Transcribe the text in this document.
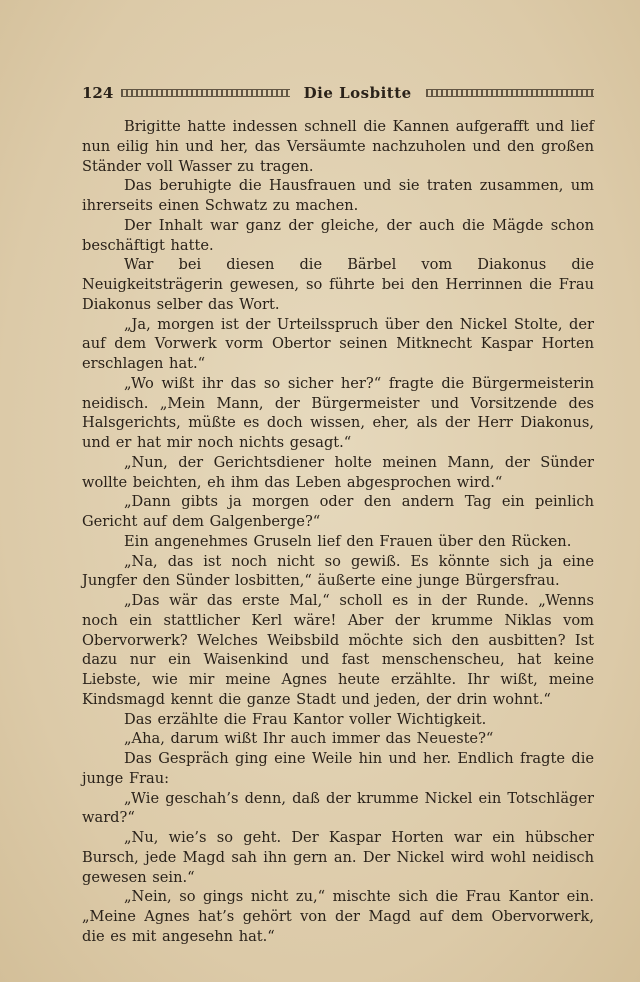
124	Die Losbitte

Brigitte hatte indessen schnell die Kannen aufgerafft und lief nun eilig hin und her, das Versäumte nachzuholen und den großen Ständer voll Wasser zu tragen.

Das beruhigte die Hausfrauen und sie traten zusammen, um ihrerseits einen Schwatz zu machen.

Der Inhalt war ganz der gleiche, der auch die Mägde schon beschäftigt hatte.

War bei diesen die Bärbel vom Diakonus die Neuigkeitsträgerin gewesen, so führte bei den Herrinnen die Frau Diakonus selber das Wort.

„Ja, morgen ist der Urteilsspruch über den Nickel Stolte, der auf dem Vorwerk vorm Obertor seinen Mitknecht Kaspar Horten erschlagen hat.“

„Wo wißt ihr das so sicher her?“ fragte die Bürgermeisterin neidisch. „Mein Mann, der Bürgermeister und Vorsitzende des Halsgerichts, müßte es doch wissen, eher, als der Herr Diakonus, und er hat mir noch nichts gesagt.“

„Nun, der Gerichtsdiener holte meinen Mann, der Sünder wollte beichten, eh ihm das Leben abgesprochen wird.“

„Dann gibts ja morgen oder den andern Tag ein peinlich Gericht auf dem Galgenberge?“

Ein angenehmes Gruseln lief den Frauen über den Rücken.

„Na, das ist noch nicht so gewiß. Es könnte sich ja eine Jungfer den Sünder losbitten,“ äußerte eine junge Bürgersfrau.

„Das wär das erste Mal,“ scholl es in der Runde. „Wenns noch ein stattlicher Kerl wäre! Aber der krumme Niklas vom Obervorwerk? Welches Weibsbild möchte sich den ausbitten? Ist dazu nur ein Waisenkind und fast menschenscheu, hat keine Liebste, wie mir meine Agnes heute erzählte. Ihr wißt, meine Kindsmagd kennt die ganze Stadt und jeden, der drin wohnt.“

Das erzählte die Frau Kantor voller Wichtigkeit.

„Aha, darum wißt Ihr auch immer das Neueste?“

Das Gespräch ging eine Weile hin und her. Endlich fragte die junge Frau:

„Wie geschah’s denn, daß der krumme Nickel ein Totschläger ward?“

„Nu, wie’s so geht. Der Kaspar Horten war ein hübscher Bursch, jede Magd sah ihn gern an. Der Nickel wird wohl neidisch gewesen sein.“

„Nein, so gings nicht zu,“ mischte sich die Frau Kantor ein. „Meine Agnes hat’s gehört von der Magd auf dem Obervorwerk, die es mit angesehn hat.“
